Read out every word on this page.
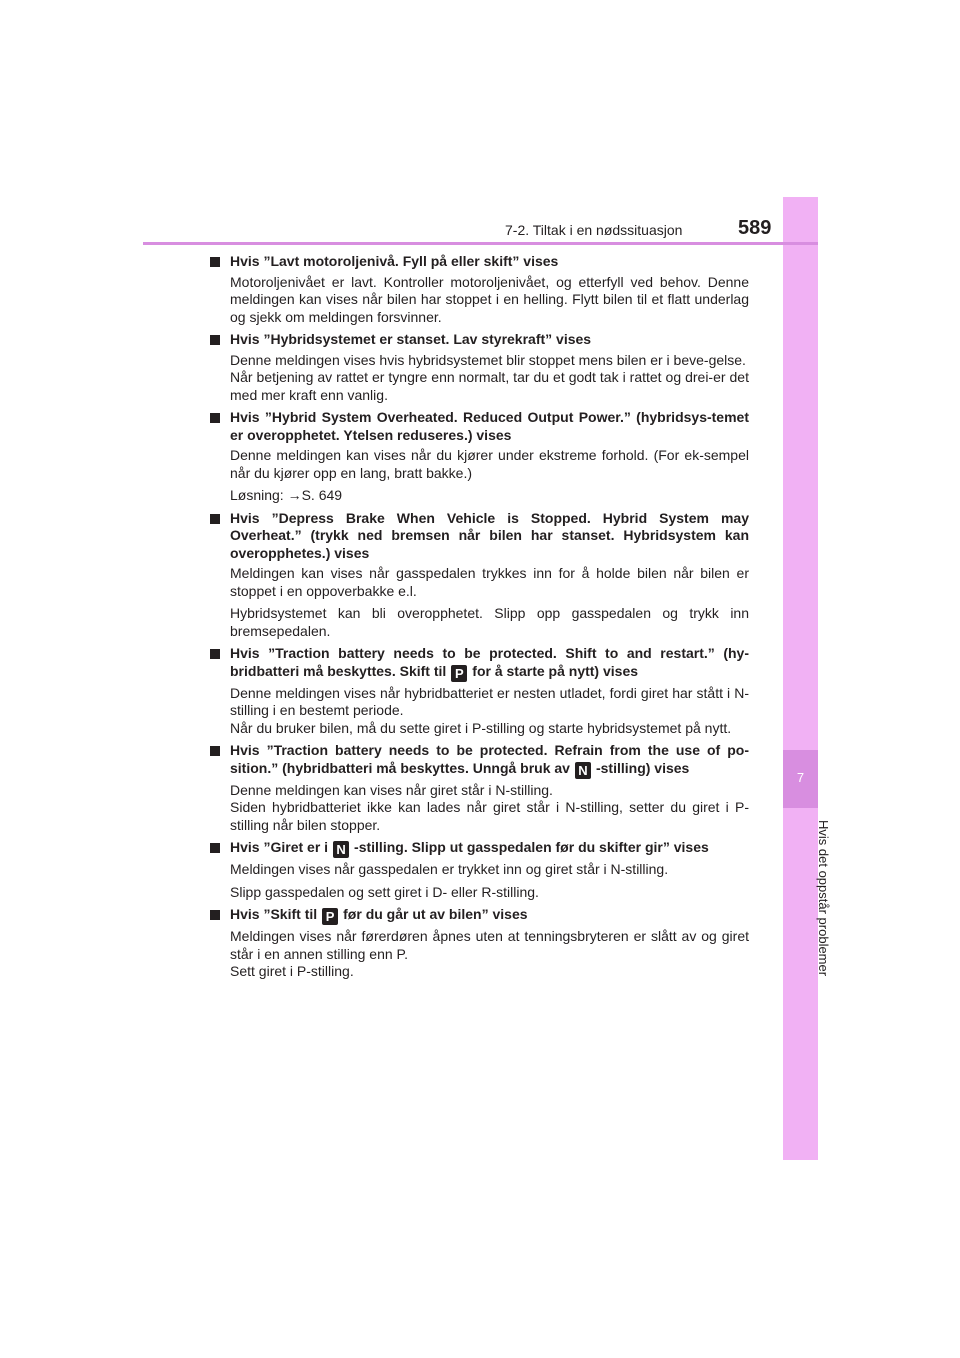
7
Hvis det oppstår problemer
7-2. Tiltak i en nødssituasjon	589
Hvis ”Lavt motoroljenivå. Fyll på eller skift” vises
Motoroljenivået er lavt. Kontroller motoroljenivået, og etterfyll ved behov. Denne meldingen kan vises når bilen har stoppet i en helling. Flytt bilen til et flatt underlag og sjekk om meldingen forsvinner.
Hvis ”Hybridsystemet er stanset. Lav styrekraft” vises
Denne meldingen vises hvis hybridsystemet blir stoppet mens bilen er i beve-gelse.
Når betjening av rattet er tyngre enn normalt, tar du et godt tak i rattet og drei-er det med mer kraft enn vanlig.
Hvis ”Hybrid System Overheated. Reduced Output Power.” (hybridsys-temet er overopphetet. Ytelsen reduseres.) vises
Denne meldingen kan vises når du kjører under ekstreme forhold. (For ek-sempel når du kjører opp en lang, bratt bakke.)
Løsning: →S. 649
Hvis ”Depress Brake When Vehicle is Stopped. Hybrid System may Overheat.” (trykk ned bremsen når bilen har stanset. Hybridsystem kan overopphetes.) vises
Meldingen kan vises når gasspedalen trykkes inn for å holde bilen når bilen er stoppet i en oppoverbakke e.l.
Hybridsystemet kan bli overopphetet. Slipp opp gasspedalen og trykk inn bremsepedalen.
Hvis ”Traction battery needs to be protected. Shift to and restart.” (hy-bridbatteri må beskyttes. Skift til P for å starte på nytt) vises
Denne meldingen vises når hybridbatteriet er nesten utladet, fordi giret har stått i N-stilling i en bestemt periode.
Når du bruker bilen, må du sette giret i P-stilling og starte hybridsystemet på nytt.
Hvis ”Traction battery needs to be protected. Refrain from the use of po-sition.” (hybridbatteri må beskyttes. Unngå bruk av N -stilling) vises
Denne meldingen kan vises når giret står i N-stilling.
Siden hybridbatteriet ikke kan lades når giret står i N-stilling, setter du giret i P-stilling når bilen stopper.
Hvis ”Giret er i N -stilling. Slipp ut gasspedalen før du skifter gir” vises
Meldingen vises når gasspedalen er trykket inn og giret står i N-stilling.
Slipp gasspedalen og sett giret i D- eller R-stilling.
Hvis ”Skift til P før du går ut av bilen” vises
Meldingen vises når førerdøren åpnes uten at tenningsbryteren er slått av og giret står i en annen stilling enn P.
Sett giret i P-stilling.
